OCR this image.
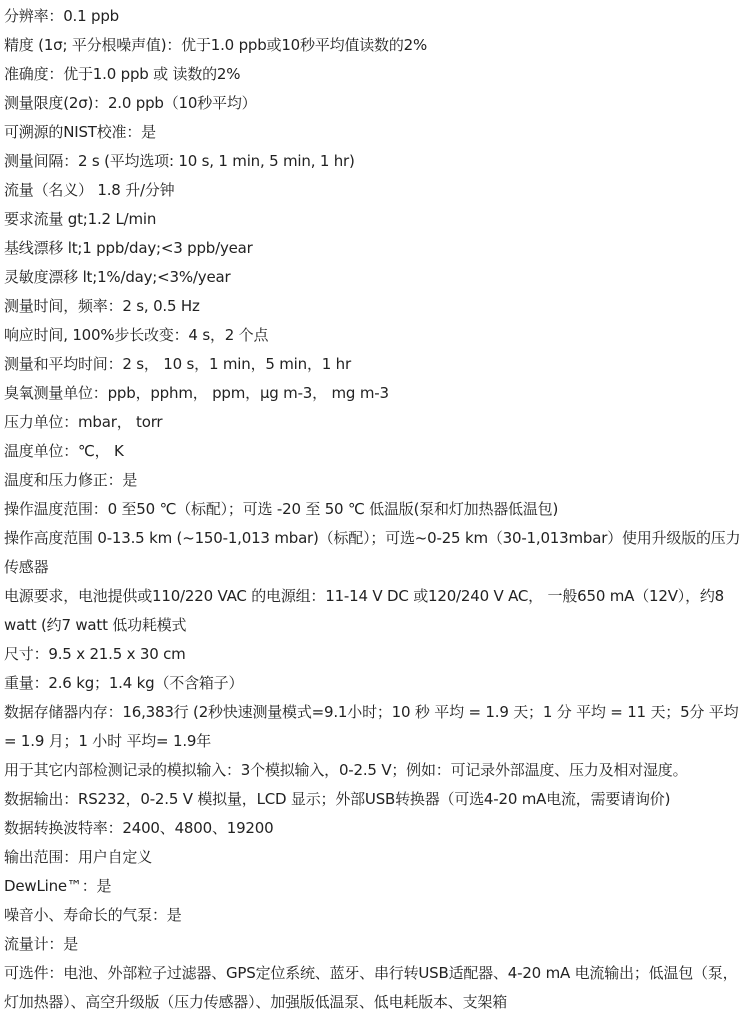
分辨率：0.1 ppb
精度 (1σ; 平分根噪声值)：优于1.0 ppb或10秒平均值读数的2%
准确度：优于1.0 ppb 或 读数的2%
测量限度(2σ)：2.0 ppb（10秒平均）
可溯源的NIST校准：是
测量间隔：2 s (平均选项: 10 s, 1 min, 5 min, 1 hr)
流量（名义） 1.8 升/分钟
要求流量 gt;1.2 L/min
基线漂移 lt;1 ppb/day;<3 ppb/year
灵敏度漂移 lt;1%/day;<3%/year
测量时间，频率：2 s, 0.5 Hz
响应时间, 100%步长改变：4 s，2 个点
测量和平均时间：2 s， 10 s，1 min，5 min，1 hr
臭氧测量单位：ppb，pphm， ppm，μg m-3， mg m-3
压力单位：mbar， torr
温度单位：℃， K
温度和压力修正：是
操作温度范围：0 至50 ℃（标配）；可选 -20 至 50 ℃ 低温版(泵和灯加热器低温包)
操作高度范围 0-13.5 km (~150-1,013 mbar)（标配）；可选~0-25 km（30-1,013mbar）使用升级版的压力传感器
电源要求，电池提供或110/220 VAC 的电源组：11-14 V DC 或120/240 V AC， 一般650 mA（12V），约8 watt (约7 watt 低功耗模式
尺寸：9.5 x 21.5 x 30 cm
重量：2.6 kg；1.4 kg（不含箱子）
数据存储器内存：16,383行 (2秒快速测量模式=9.1小时；10 秒 平均 = 1.9 天；1 分 平均 = 11 天；5分 平均= 1.9 月；1 小时 平均= 1.9年
用于其它内部检测记录的模拟输入：3个模拟输入，0-2.5 V；例如：可记录外部温度、压力及相对湿度。
数据输出：RS232，0-2.5 V 模拟量，LCD 显示；外部USB转换器（可选4-20 mA电流，需要请询价)
数据转换波特率：2400、4800、19200
输出范围：用户自定义
DewLine™：是
噪音小、寿命长的气泵：是
流量计：是
可选件：电池、外部粒子过滤器、GPS定位系统、蓝牙、串行转USB适配器、4-20 mA 电流输出；低温包（泵，灯加热器）、高空升级版（压力传感器）、加强版低温泵、低电耗版本、支架箱
